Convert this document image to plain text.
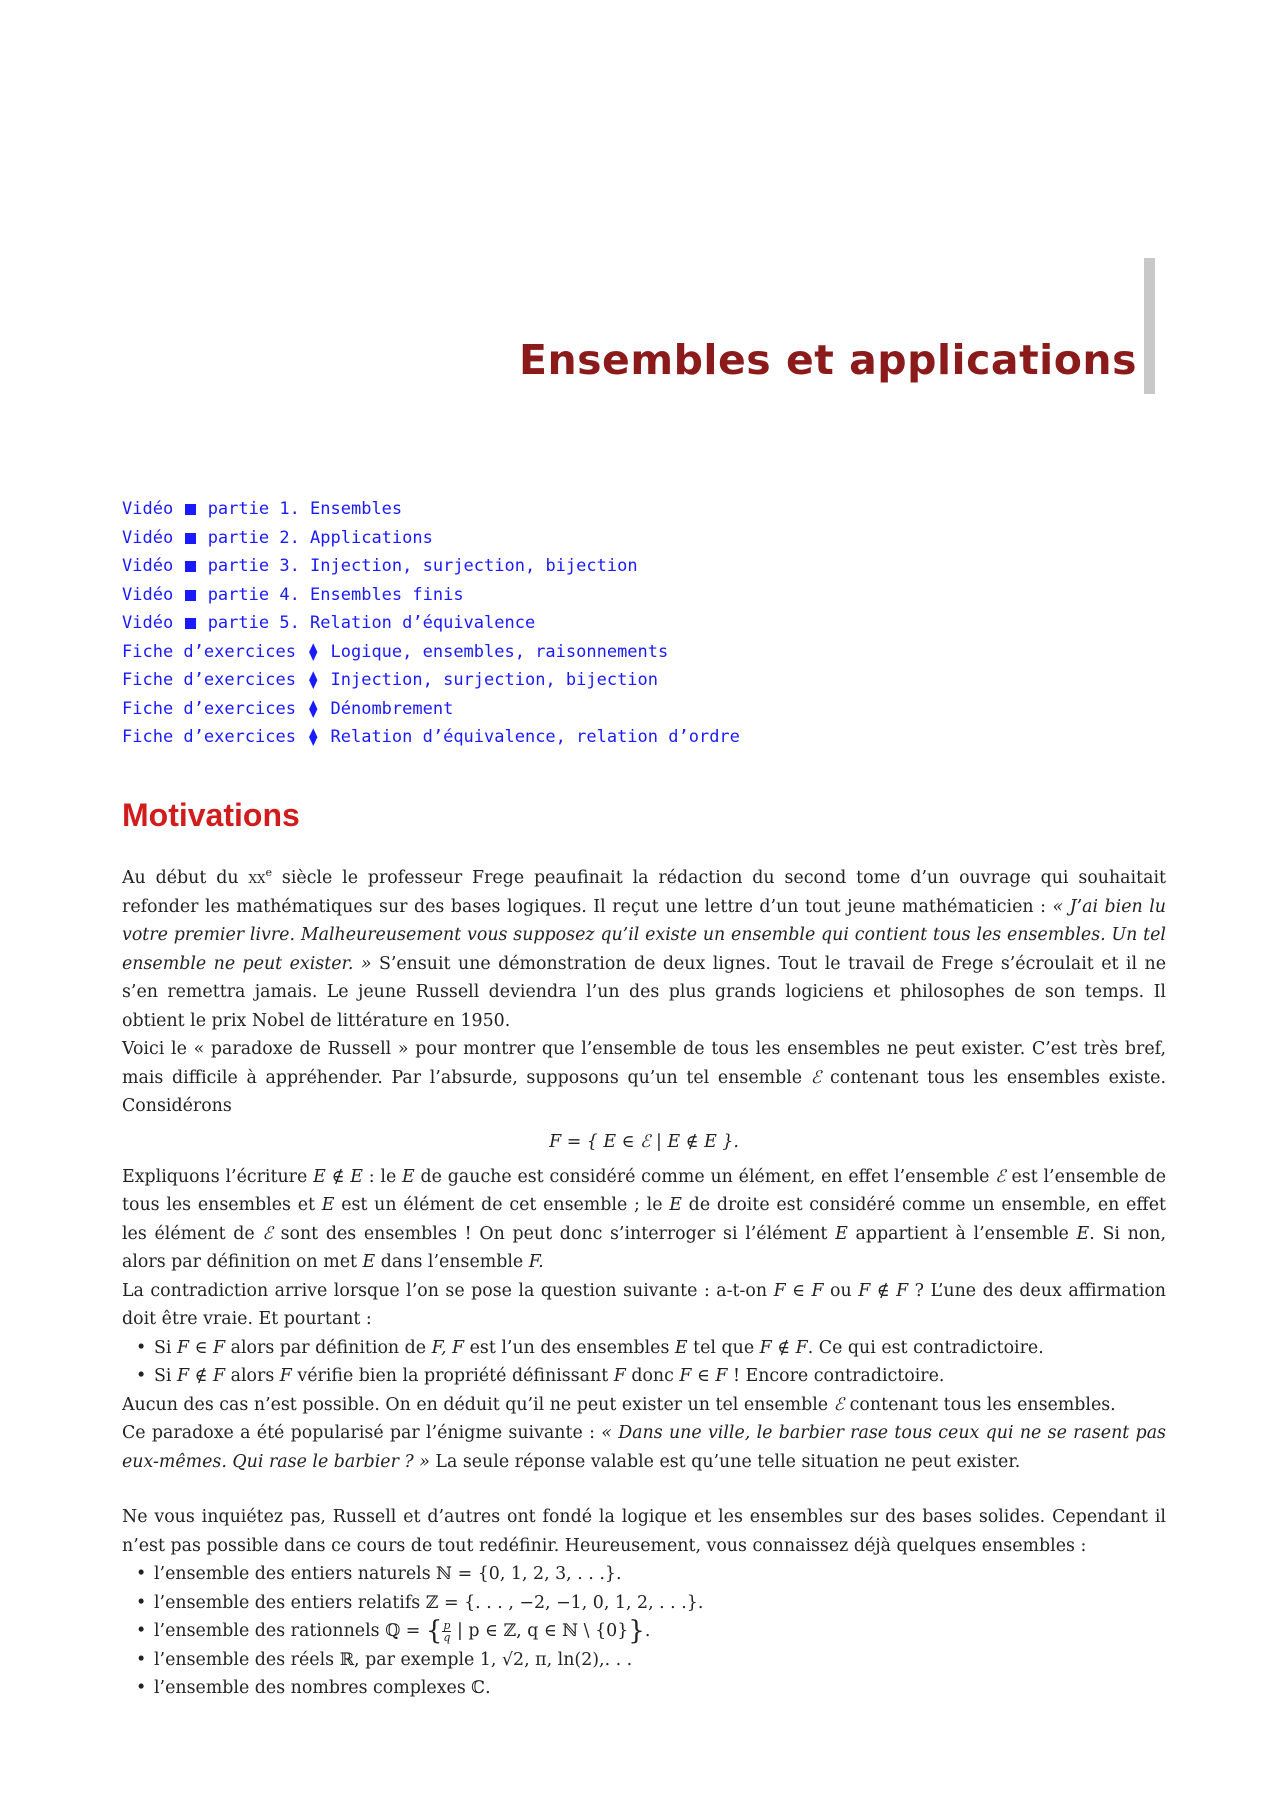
Ensembles et applications
Vidéo partie 1. Ensembles
Vidéo partie 2. Applications
Vidéo partie 3. Injection, surjection, bijection
Vidéo partie 4. Ensembles finis
Vidéo partie 5. Relation d’équivalence
Fiche d’exercices ⧫ Logique, ensembles, raisonnements
Fiche d’exercices ⧫ Injection, surjection, bijection
Fiche d’exercices ⧫ Dénombrement
Fiche d’exercices ⧫ Relation d’équivalence, relation d’ordre
Motivations

Au début du $xx^e$ siècle le professeur Frege peaufinait la rédaction du second tome d’un ouvrage qui souhaitait refonder les mathématiques sur des bases logiques. Il reçut une lettre d’un tout jeune mathématicien : « J’ai bien lu votre premier livre. Malheureusement vous supposez qu’il existe un ensemble qui contient tous les ensembles. Un tel ensemble ne peut exister. » S’ensuit une démonstration de deux lignes. Tout le travail de Frege s’écroulait et il ne s’en remettra jamais. Le jeune Russell deviendra l’un des plus grands logiciens et philosophes de son temps. Il obtient le prix Nobel de littérature en 1950.

Voici le « paradoxe de Russell » pour montrer que l’ensemble de tous les ensembles ne peut exister. C’est très bref, mais difficile à appréhender. Par l’absurde, supposons qu’un tel ensemble ℰ contenant tous les ensembles existe. Considérons

F = { E ∈ ℰ | E ∉ E }.

Expliquons l’écriture E ∉ E : le E de gauche est considéré comme un élément, en effet l’ensemble ℰ est l’ensemble de tous les ensembles et E est un élément de cet ensemble ; le E de droite est considéré comme un ensemble, en effet les élément de ℰ sont des ensembles ! On peut donc s’interroger si l’élément E appartient à l’ensemble E. Si non, alors par définition on met E dans l’ensemble F.

La contradiction arrive lorsque l’on se pose la question suivante : a-t-on F ∈ F ou F ∉ F ? L’une des deux affirmation doit être vraie. Et pourtant :

• Si F ∈ F alors par définition de F, F est l’un des ensembles E tel que F ∉ F. Ce qui est contradictoire.
• Si F ∉ F alors F vérifie bien la propriété définissant F donc F ∈ F ! Encore contradictoire.

Aucun des cas n’est possible. On en déduit qu’il ne peut exister un tel ensemble ℰ contenant tous les ensembles.

Ce paradoxe a été popularisé par l’énigme suivante : « Dans une ville, le barbier rase tous ceux qui ne se rasent pas eux-mêmes. Qui rase le barbier ? » La seule réponse valable est qu’une telle situation ne peut exister.

Ne vous inquiétez pas, Russell et d’autres ont fondé la logique et les ensembles sur des bases solides. Cependant il n’est pas possible dans ce cours de tout redéfinir. Heureusement, vous connaissez déjà quelques ensembles :

• l’ensemble des entiers naturels ℕ = {0, 1, 2, 3, . . .}.
• l’ensemble des entiers relatifs ℤ = {. . . , −2, −1, 0, 1, 2, . . .}.
• l’ensemble des rationnels ℚ = { $\frac{p}{q}$ | p ∈ ℤ, q ∈ ℕ \ {0}}.
• l’ensemble des réels ℝ, par exemple 1, √2, π, ln(2),. . .
• l’ensemble des nombres complexes ℂ.
